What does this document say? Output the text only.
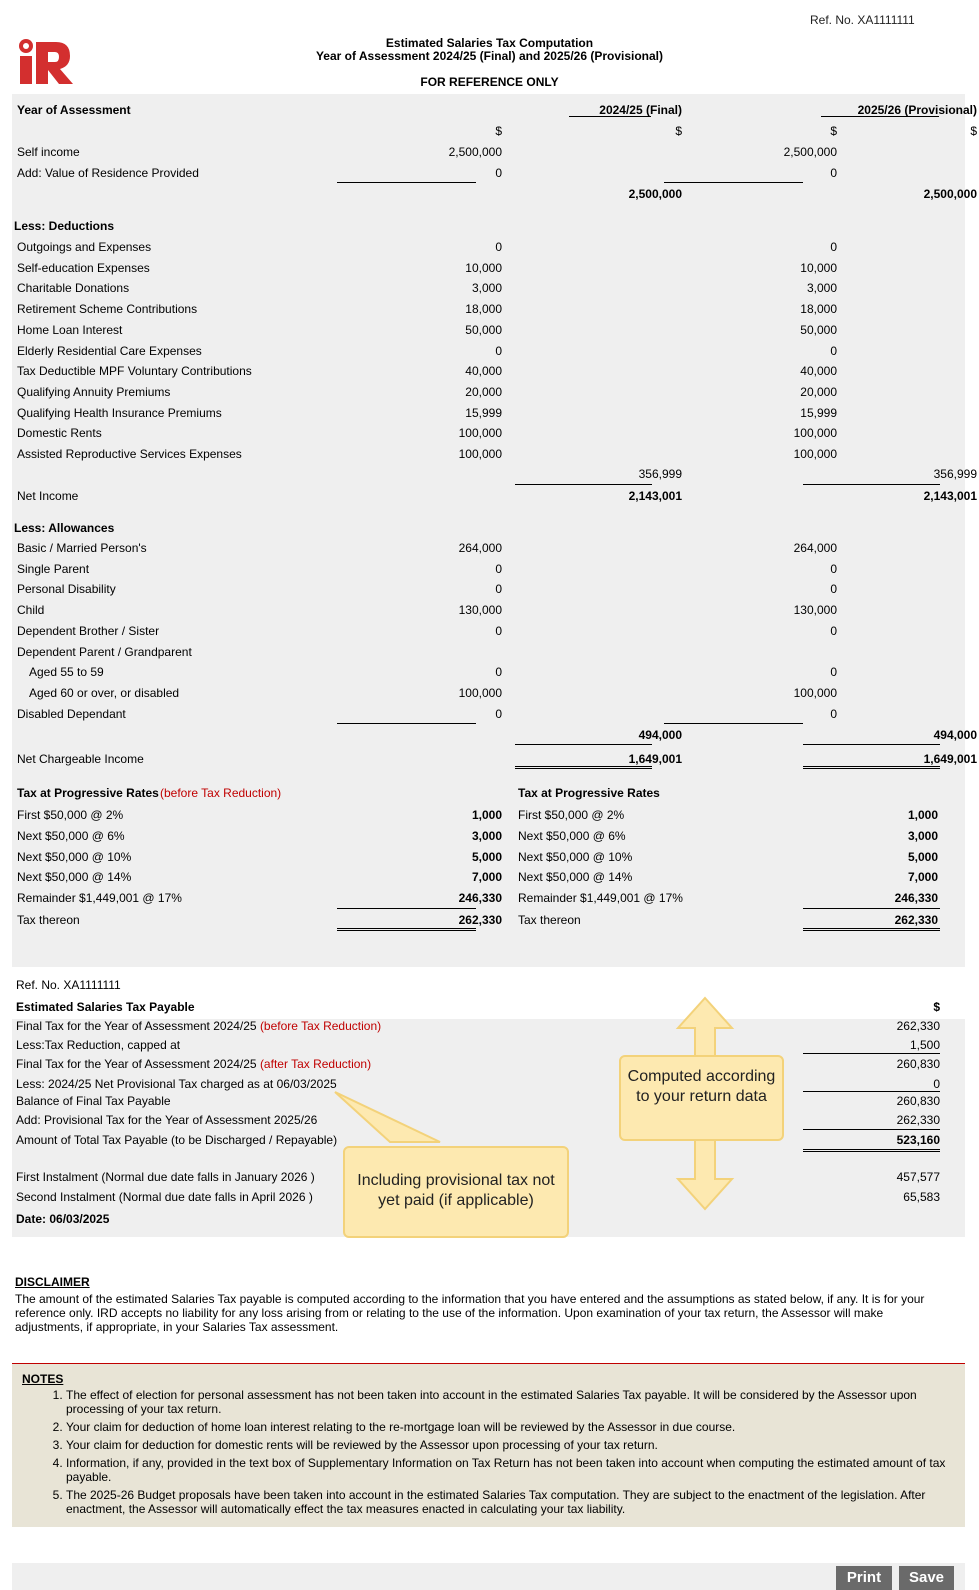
Ref. No. XA1111111
Estimated Salaries Tax Computation
Year of Assessment 2024/25 (Final) and 2025/26 (Provisional)
FOR REFERENCE ONLY
Year of Assessment	2024/25 (Final)	2025/26 (Provisional)
$	$	$	$
Self income	2,500,000	2,500,000
Add: Value of Residence Provided	0	0
2,500,000	2,500,000
Less: Deductions
Outgoings and Expenses	0	0
Self-education Expenses	10,000	10,000
Charitable Donations	3,000	3,000
Retirement Scheme Contributions	18,000	18,000
Home Loan Interest	50,000	50,000
Elderly Residential Care Expenses	0	0
Tax Deductible MPF Voluntary Contributions	40,000	40,000
Qualifying Annuity Premiums	20,000	20,000
Qualifying Health Insurance Premiums	15,999	15,999
Domestic Rents	100,000	100,000
Assisted Reproductive Services Expenses	100,000	100,000
356,999	356,999
Net Income	2,143,001	2,143,001
Less: Allowances
Basic / Married Person's	264,000	264,000
Single Parent	0	0
Personal Disability	0	0
Child	130,000	130,000
Dependent Brother / Sister	0	0
Dependent Parent / Grandparent
Aged 55 to 59	0	0
Aged 60 or over, or disabled	100,000	100,000
Disabled Dependant	0	0
494,000	494,000
Net Chargeable Income	1,649,001	1,649,001
Tax at Progressive Rates (before Tax Reduction)
First $50,000 @ 2%	1,000
Next $50,000 @ 6%	3,000
Next $50,000 @ 10%	5,000
Next $50,000 @ 14%	7,000
Remainder $1,449,001 @ 17%	246,330
Tax thereon	262,330
Tax at Progressive Rates
First $50,000 @ 2%	1,000
Next $50,000 @ 6%	3,000
Next $50,000 @ 10%	5,000
Next $50,000 @ 14%	7,000
Remainder $1,449,001 @ 17%	246,330
Tax thereon	262,330
Ref. No. XA1111111
Estimated Salaries Tax Payable	$
Final Tax for the Year of Assessment 2024/25 (before Tax Reduction)	262,330
Less:Tax Reduction, capped at	1,500
Final Tax for the Year of Assessment 2024/25 (after Tax Reduction)	260,830
Less: 2024/25 Net Provisional Tax charged as at 06/03/2025	0
Balance of Final Tax Payable	260,830
Add: Provisional Tax for the Year of Assessment 2025/26	262,330
Amount of Total Tax Payable (to be Discharged / Repayable)	523,160
First Instalment (Normal due date falls in January 2026 )	457,577
Second Instalment (Normal due date falls in April 2026 )	65,583
Date: 06/03/2025
Computed according to your return data
Including provisional tax not yet paid (if applicable)
DISCLAIMER
The amount of the estimated Salaries Tax payable is computed according to the information that you have entered and the assumptions as stated below, if any. It is for your reference only. IRD accepts no liability for any loss arising from or relating to the use of the information. Upon examination of your tax return, the Assessor will make adjustments, if appropriate, in your Salaries Tax assessment.
1. The effect of election for personal assessment has not been taken into account in the estimated Salaries Tax payable. It will be considered by the Assessor upon processing of your tax return.
2. Your claim for deduction of home loan interest relating to the re-mortgage loan will be reviewed by the Assessor in due course.
3. Your claim for deduction for domestic rents will be reviewed by the Assessor upon processing of your tax return.
4. Information, if any, provided in the text box of Supplementary Information on Tax Return has not been taken into account when computing the estimated amount of tax payable.
5. The 2025-26 Budget proposals have been taken into account in the estimated Salaries Tax computation. They are subject to the enactment of the legislation. After enactment, the Assessor will automatically effect the tax measures enacted in calculating your tax liability.
NOTES
Print	Save
